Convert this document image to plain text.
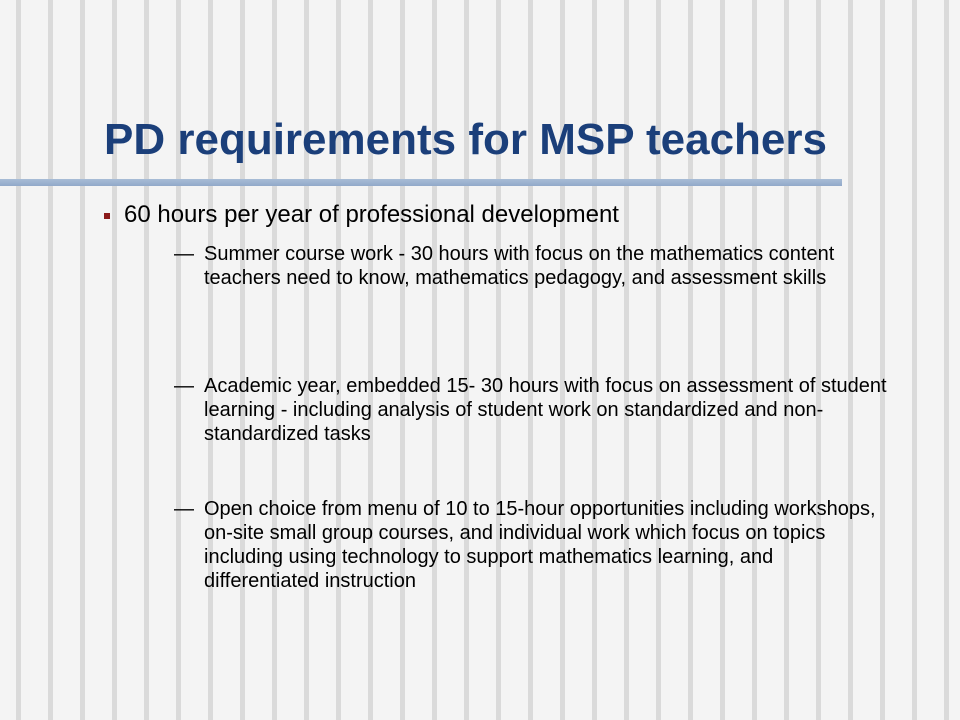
PD requirements for MSP teachers
60 hours per year of professional development
— Summer course work - 30 hours with focus on the mathematics content teachers need to know, mathematics pedagogy, and assessment skills
— Academic year, embedded 15- 30 hours with focus on assessment of student learning - including analysis of student work on standardized and non-standardized tasks
— Open choice from menu of 10 to 15-hour opportunities including workshops, on-site small group courses, and individual work which focus on topics including using technology to support mathematics learning, and differentiated instruction
